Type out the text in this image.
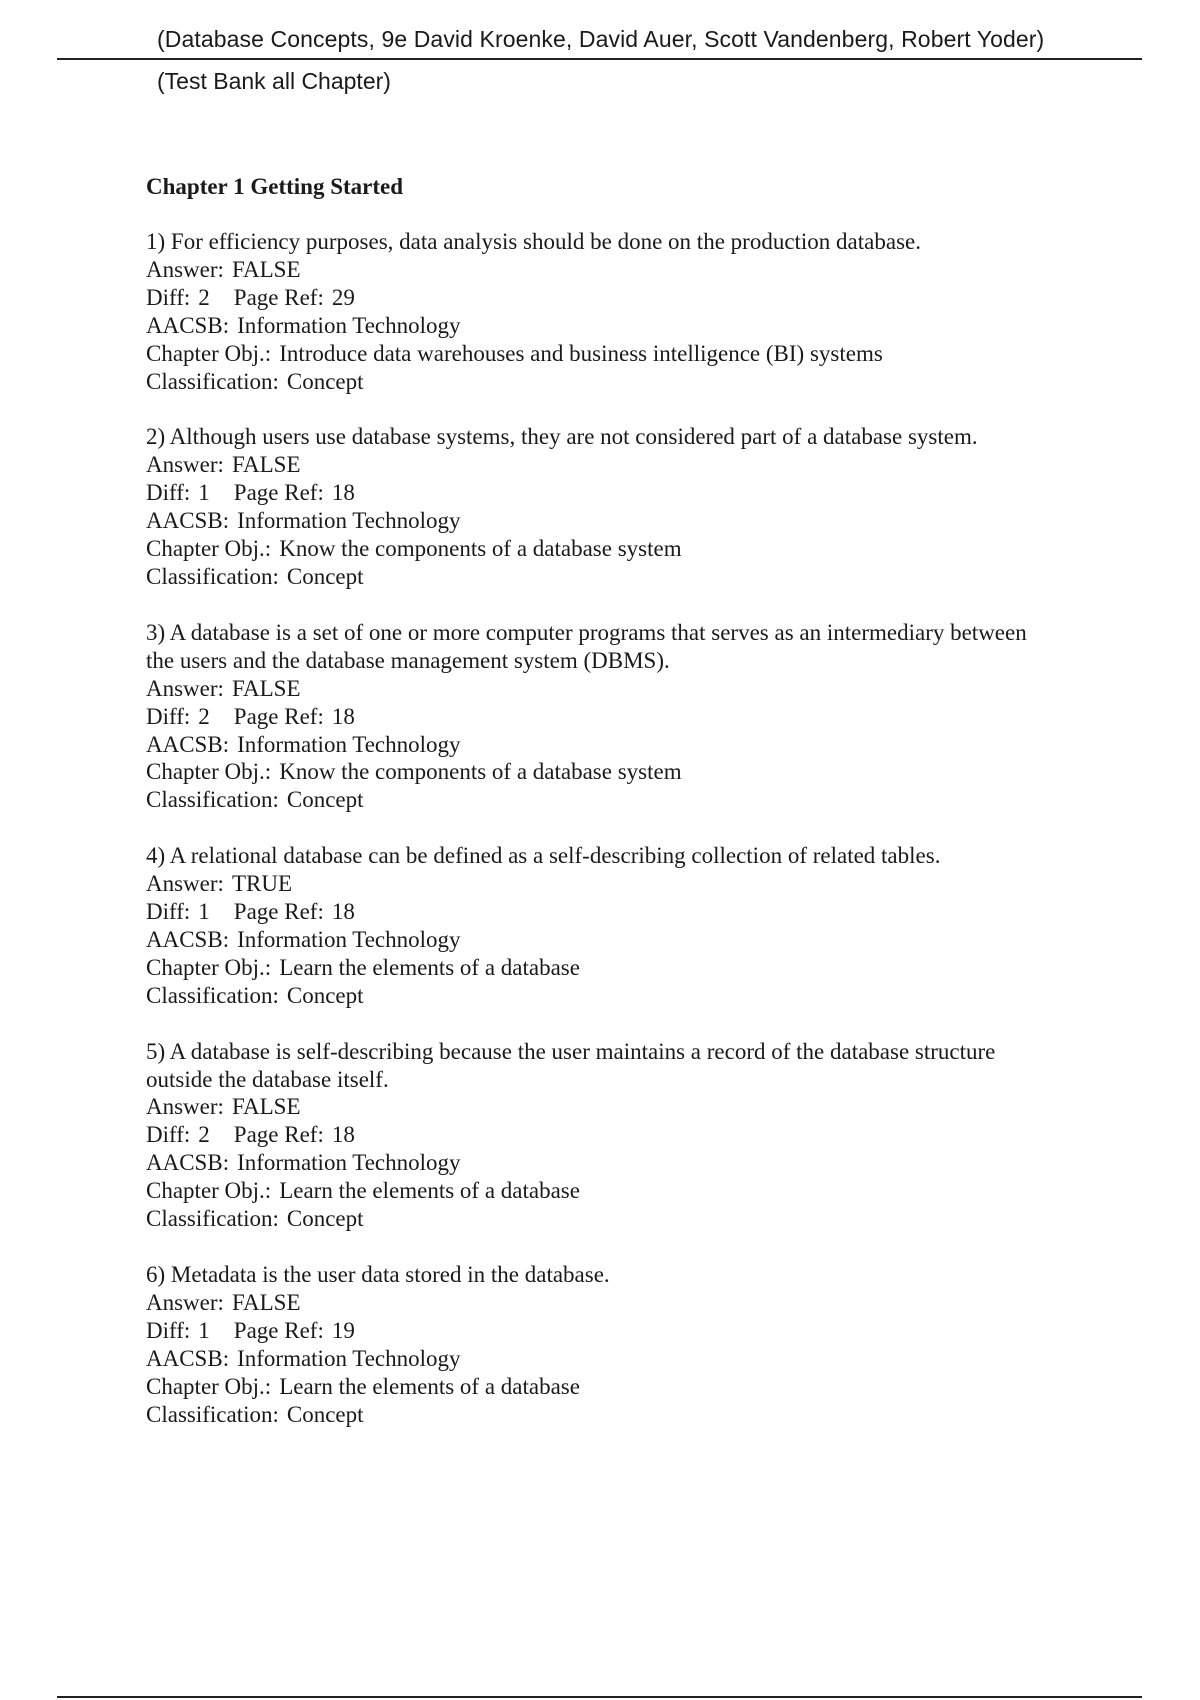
(Database Concepts, 9e David Kroenke, David Auer, Scott Vandenberg, Robert Yoder)
(Test Bank all Chapter)
Chapter 1 Getting Started
1) For efficiency purposes, data analysis should be done on the production database.
Answer: FALSE
Diff: 2 Page Ref: 29
AACSB: Information Technology
Chapter Obj.: Introduce data warehouses and business intelligence (BI) systems
Classification: Concept
2) Although users use database systems, they are not considered part of a database system.
Answer: FALSE
Diff: 1 Page Ref: 18
AACSB: Information Technology
Chapter Obj.: Know the components of a database system
Classification: Concept
3) A database is a set of one or more computer programs that serves as an intermediary between
the users and the database management system (DBMS).
Answer: FALSE
Diff: 2 Page Ref: 18
AACSB: Information Technology
Chapter Obj.: Know the components of a database system
Classification: Concept
4) A relational database can be defined as a self-describing collection of related tables.
Answer: TRUE
Diff: 1 Page Ref: 18
AACSB: Information Technology
Chapter Obj.: Learn the elements of a database
Classification: Concept
5) A database is self-describing because the user maintains a record of the database structure
outside the database itself.
Answer: FALSE
Diff: 2 Page Ref: 18
AACSB: Information Technology
Chapter Obj.: Learn the elements of a database
Classification: Concept
6) Metadata is the user data stored in the database.
Answer: FALSE
Diff: 1 Page Ref: 19
AACSB: Information Technology
Chapter Obj.: Learn the elements of a database
Classification: Concept
